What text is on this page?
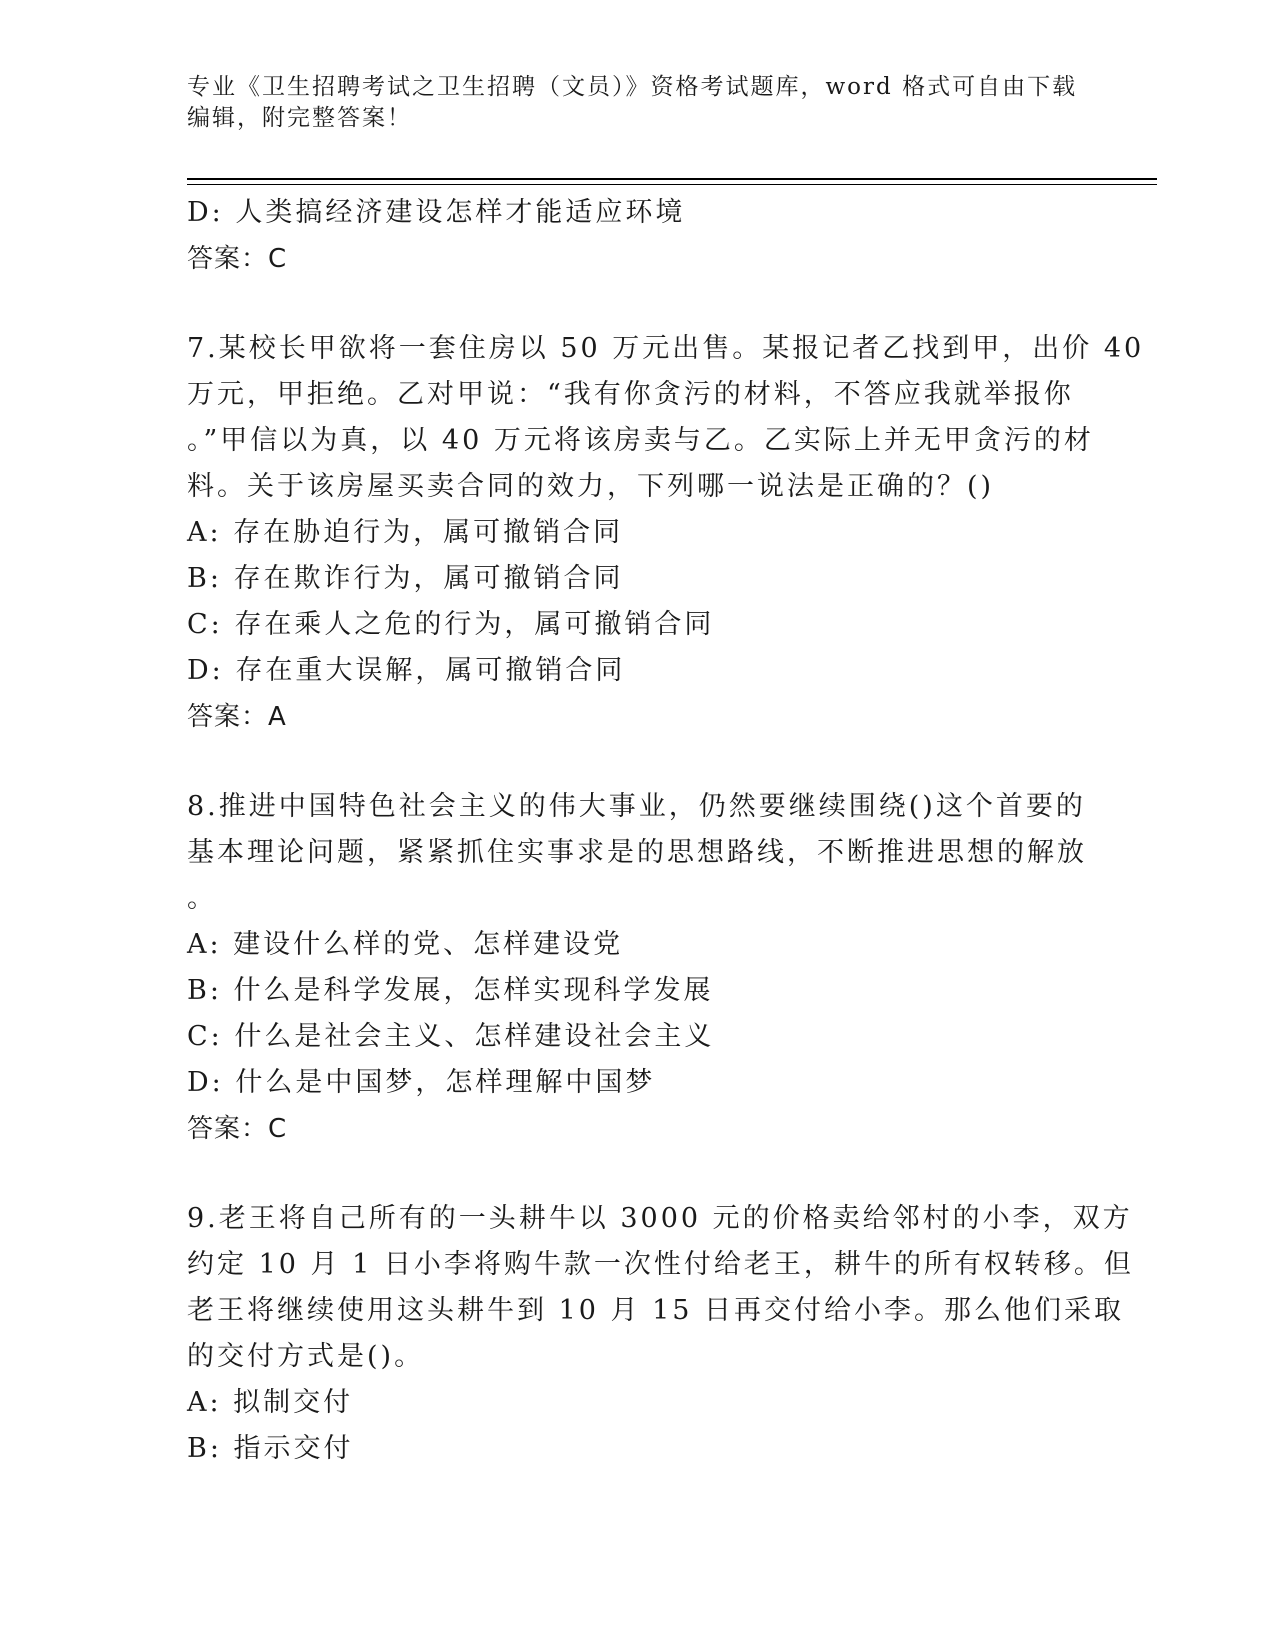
专业《卫生招聘考试之卫生招聘（文员）》资格考试题库，word 格式可自由下载
编辑，附完整答案！
D: 人类搞经济建设怎样才能适应环境
答案：C
7.某校长甲欲将一套住房以 50 万元出售。某报记者乙找到甲，出价 40
万元，甲拒绝。乙对甲说：“我有你贪污的材料，不答应我就举报你
。”甲信以为真，以 40 万元将该房卖与乙。乙实际上并无甲贪污的材
料。关于该房屋买卖合同的效力，下列哪一说法是正确的？()
A: 存在胁迫行为，属可撤销合同
B: 存在欺诈行为，属可撤销合同
C: 存在乘人之危的行为，属可撤销合同
D: 存在重大误解，属可撤销合同
答案：A
8.推进中国特色社会主义的伟大事业，仍然要继续围绕()这个首要的
基本理论问题，紧紧抓住实事求是的思想路线，不断推进思想的解放
。
A: 建设什么样的党、怎样建设党
B: 什么是科学发展，怎样实现科学发展
C: 什么是社会主义、怎样建设社会主义
D: 什么是中国梦，怎样理解中国梦
答案：C
9.老王将自己所有的一头耕牛以 3000 元的价格卖给邻村的小李，双方
约定 10 月 1 日小李将购牛款一次性付给老王，耕牛的所有权转移。但
老王将继续使用这头耕牛到 10 月 15 日再交付给小李。那么他们采取
的交付方式是()。
A: 拟制交付
B: 指示交付
